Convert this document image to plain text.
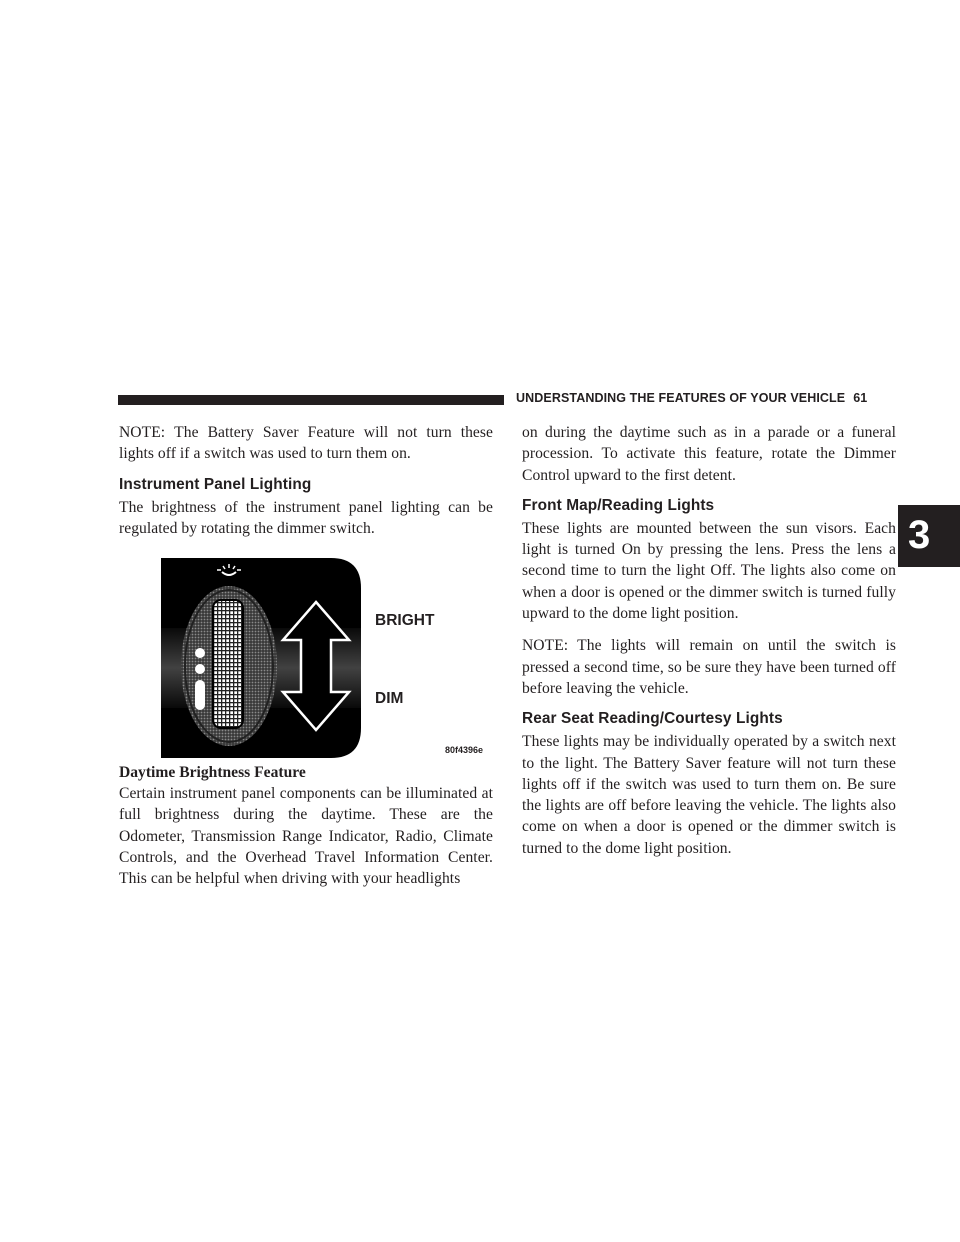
UNDERSTANDING THE FEATURES OF YOUR VEHICLE 61
3

NOTE: The Battery Saver Feature will not turn these lights off if a switch was used to turn them on.

Instrument Panel Lighting

The brightness of the instrument panel lighting can be regulated by rotating the dimmer switch.

BRIGHT
DIM
80f4396e
Daytime Brightness Feature

Certain instrument panel components can be illuminated at full brightness during the daytime. These are the Odometer, Transmission Range Indicator, Radio, Climate Controls, and the Overhead Travel Information Center. This can be helpful when driving with your headlights

on during the daytime such as in a parade or a funeral procession. To activate this feature, rotate the Dimmer Control upward to the first detent.

Front Map/Reading Lights

These lights are mounted between the sun visors. Each light is turned On by pressing the lens. Press the lens a second time to turn the light Off. The lights also come on when a door is opened or the dimmer switch is turned fully upward to the dome light position.

NOTE: The lights will remain on until the switch is pressed a second time, so be sure they have been turned off before leaving the vehicle.

Rear Seat Reading/Courtesy Lights

These lights may be individually operated by a switch next to the light. The Battery Saver feature will not turn these lights off if the switch was used to turn them on. Be sure the lights are off before leaving the vehicle. The lights also come on when a door is opened or the dimmer switch is turned to the dome light position.
